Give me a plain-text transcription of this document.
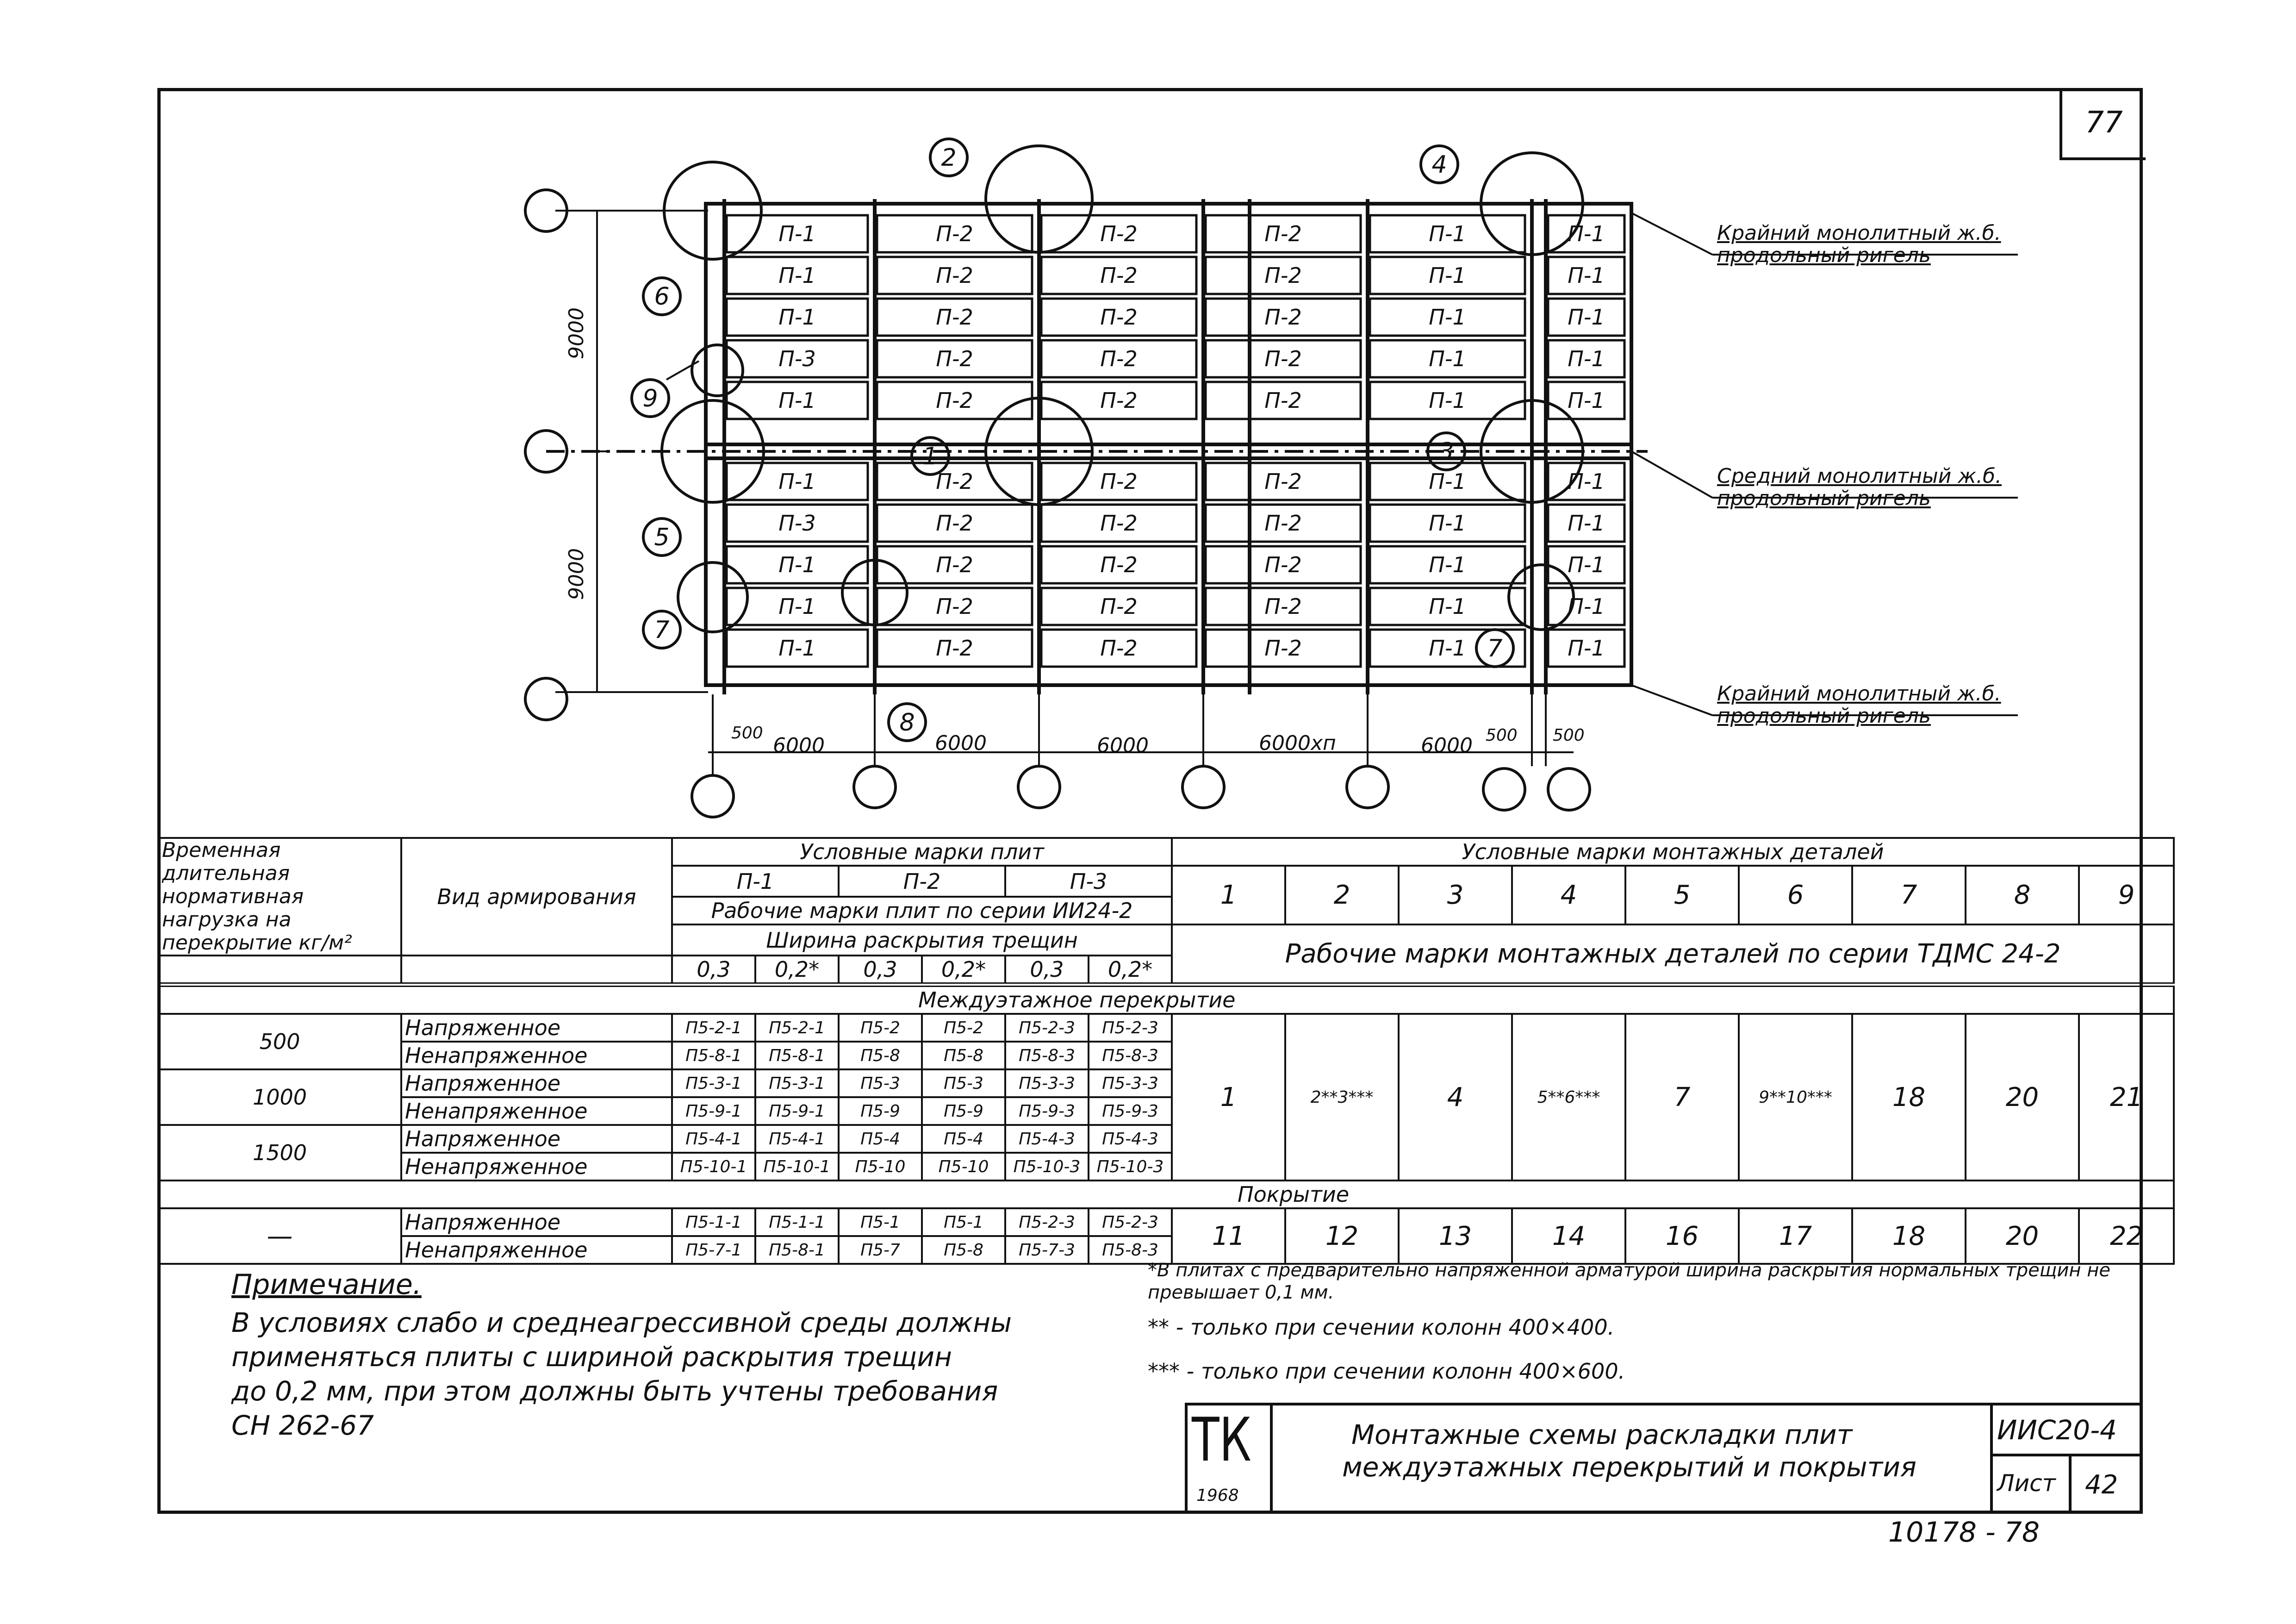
77
2	4
6
9
5
7
1	3
7
8
9000
9000
500
6000	6000	6000	6000хп	6000 500 500
П-1	П-2	П-2	П-2	П-1	П-1
П-1	П-2	П-2	П-2	П-1	П-1
П-1	П-2	П-2	П-2	П-1	П-1
П-3	П-2	П-2	П-2	П-1	П-1
П-1	П-2	П-2	П-2	П-1	П-1
П-1	П-2	П-2	П-2	П-1	П-1
П-3	П-2	П-2	П-2	П-1	П-1
П-1	П-2	П-2	П-2	П-1	П-1
П-1	П-2	П-2	П-2	П-1	П-1
П-1	П-2	П-2	П-2	П-1	П-1
Крайний монолитный ж.б. продольный ригель
Средний монолитный ж.б. продольный ригель
Крайний монолитный ж.б. продольный ригель
Временная длительная нормативная нагрузка на перекрытие кг/м²	Вид армирования	Условные марки плит						Условные марки монтажных деталей								
		П-1		П-2		П-3		1	2	3	4	5	6	7	8	9
		Рабочие марки плит по серии ИИ24-2														
		Ширина раскрытия трещин						Рабочие марки монтажных деталей по серии ТДМС 24-2								
		0,3	0,2*	0,3	0,2*	0,3	0,2*									
Междуэтажное перекрытие																
500	Напряженное	П5-2-1	П5-2-1	П5-2	П5-2	П5-2-3	П5-2-3	1	2**3***	4	5**6***	7	9**10***	18	20	21
	Ненапряженное	П5-8-1	П5-8-1	П5-8	П5-8	П5-8-3	П5-8-3									
1000	Напряженное	П5-3-1	П5-3-1	П5-3	П5-3	П5-3-3	П5-3-3									
	Ненапряженное	П5-9-1	П5-9-1	П5-9	П5-9	П5-9-3	П5-9-3									
1500	Напряженное	П5-4-1	П5-4-1	П5-4	П5-4	П5-4-3	П5-4-3									
	Ненапряженное	П5-10-1	П5-10-1	П5-10	П5-10	П5-10-3	П5-10-3									
Покрытие																
—	Напряженное	П5-1-1	П5-1-1	П5-1	П5-1	П5-2-3	П5-2-3	11	12	13	14	16	17	18	20	22
	Ненапряженное	П5-7-1	П5-8-1	П5-7	П5-8	П5-7-3	П5-8-3									
Примечание.
В условиях слабо и среднеагрессивной среды должны
применяться плиты с шириной раскрытия трещин
до 0,2 мм, при этом должны быть учтены требования
СН 262-67
*В плитах с предварительно напряженной арматурой ширина раскрытия нормальных трещин не превышает 0,1 мм.
** - только при сечении колонн 400×400.
*** - только при сечении колонн 400×600.
ТК
1968
Монтажные схемы раскладки плит
междуэтажных перекрытий и покрытия
ИИС20-4
Лист 42
10178 - 78
